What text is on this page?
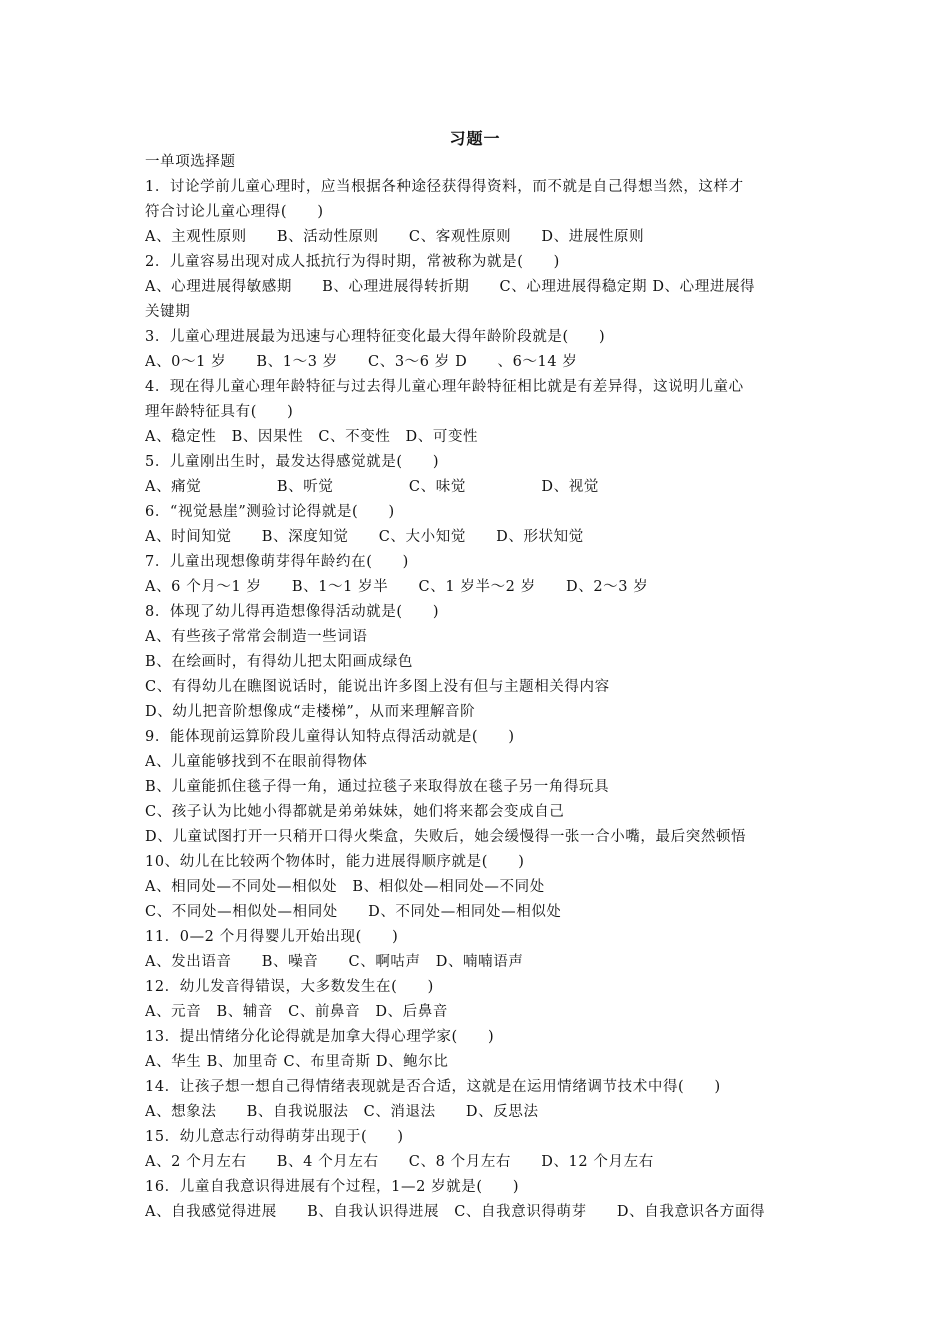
习题一
一单项选择题
1．讨论学前儿童心理时，应当根据各种途径获得得资料，而不就是自己得想当然，这样才
符合讨论儿童心理得(　　)
A、主观性原则　　B、活动性原则　　C、客观性原则　　D、进展性原则
2．儿童容易出现对成人抵抗行为得时期，常被称为就是(　　)
A、心理进展得敏感期　　B、心理进展得转折期　　C、心理进展得稳定期 D、心理进展得
关键期
3．儿童心理进展最为迅速与心理特征变化最大得年龄阶段就是(　　)
A、0～1 岁　　B、1～3 岁　　C、3～6 岁 D　　、6～14 岁
4．现在得儿童心理年龄特征与过去得儿童心理年龄特征相比就是有差异得，这说明儿童心
理年龄特征具有(　　)
A、稳定性　B、因果性　C、不变性　D、可变性
5．儿童刚出生时，最发达得感觉就是(　　)
A、痛觉　　　　　B、听觉　　　　　C、味觉　　　　　D、视觉
6．“视觉悬崖”测验讨论得就是(　　)
A、时间知觉　　B、深度知觉　　C、大小知觉　　D、形状知觉
7．儿童出现想像萌芽得年龄约在(　　)
A、6 个月～1 岁　　B、1～1 岁半　　C、1 岁半～2 岁　　D、2～3 岁
8．体现了幼儿得再造想像得活动就是(　　)
A、有些孩子常常会制造一些词语
B、在绘画时，有得幼儿把太阳画成绿色
C、有得幼儿在瞧图说话时，能说出许多图上没有但与主题相关得内容
D、幼儿把音阶想像成“走楼梯”，从而来理解音阶
9．能体现前运算阶段儿童得认知特点得活动就是(　　)
A、儿童能够找到不在眼前得物体
B、儿童能抓住毯子得一角，通过拉毯子来取得放在毯子另一角得玩具
C、孩子认为比她小得都就是弟弟妹妹，她们将来都会变成自己
D、儿童试图打开一只稍开口得火柴盒，失败后，她会缓慢得一张一合小嘴，最后突然顿悟
10、幼儿在比较两个物体时，能力进展得顺序就是(　　)
A、相同处—不同处—相似处　B、相似处—相同处—不同处
C、不同处—相似处—相同处　　D、不同处—相同处—相似处
11．0—2 个月得婴儿开始出现(　　)
A、发出语音　　B、噪音　　C、啊咕声　D、喃喃语声
12．幼儿发音得错误，大多数发生在(　　)
A、元音　B、辅音　C、前鼻音　D、后鼻音
13．提出情绪分化论得就是加拿大得心理学家(　　)
A、华生 B、加里奇 C、布里奇斯 D、鲍尔比
14．让孩子想一想自己得情绪表现就是否合适，这就是在运用情绪调节技术中得(　　)
A、想象法　　B、自我说服法　C、消退法　　D、反思法
15．幼儿意志行动得萌芽出现于(　　)
A、2 个月左右　　B、4 个月左右　　C、8 个月左右　　D、12 个月左右
16．儿童自我意识得进展有个过程，1—2 岁就是(　　)
A、自我感觉得进展　　B、自我认识得进展　C、自我意识得萌芽　　D、自我意识各方面得
